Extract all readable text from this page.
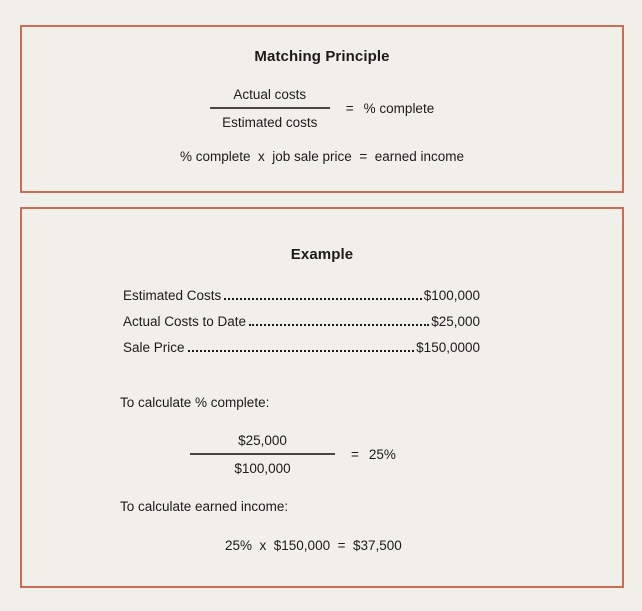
Matching Principle
$\frac{\text{Actual costs}}{\text{Estimated costs}}$ = % complete

% complete  x  job sale price  =  earned income

Example
Estimated Costs	$100,000
Actual Costs to Date	$25,000
Sale Price	$150,0000

To calculate % complete:

$\frac{\$25,000}{\$100,000} = 25\%$

To calculate earned income:

25%  x  $150,000  =  $37,500
